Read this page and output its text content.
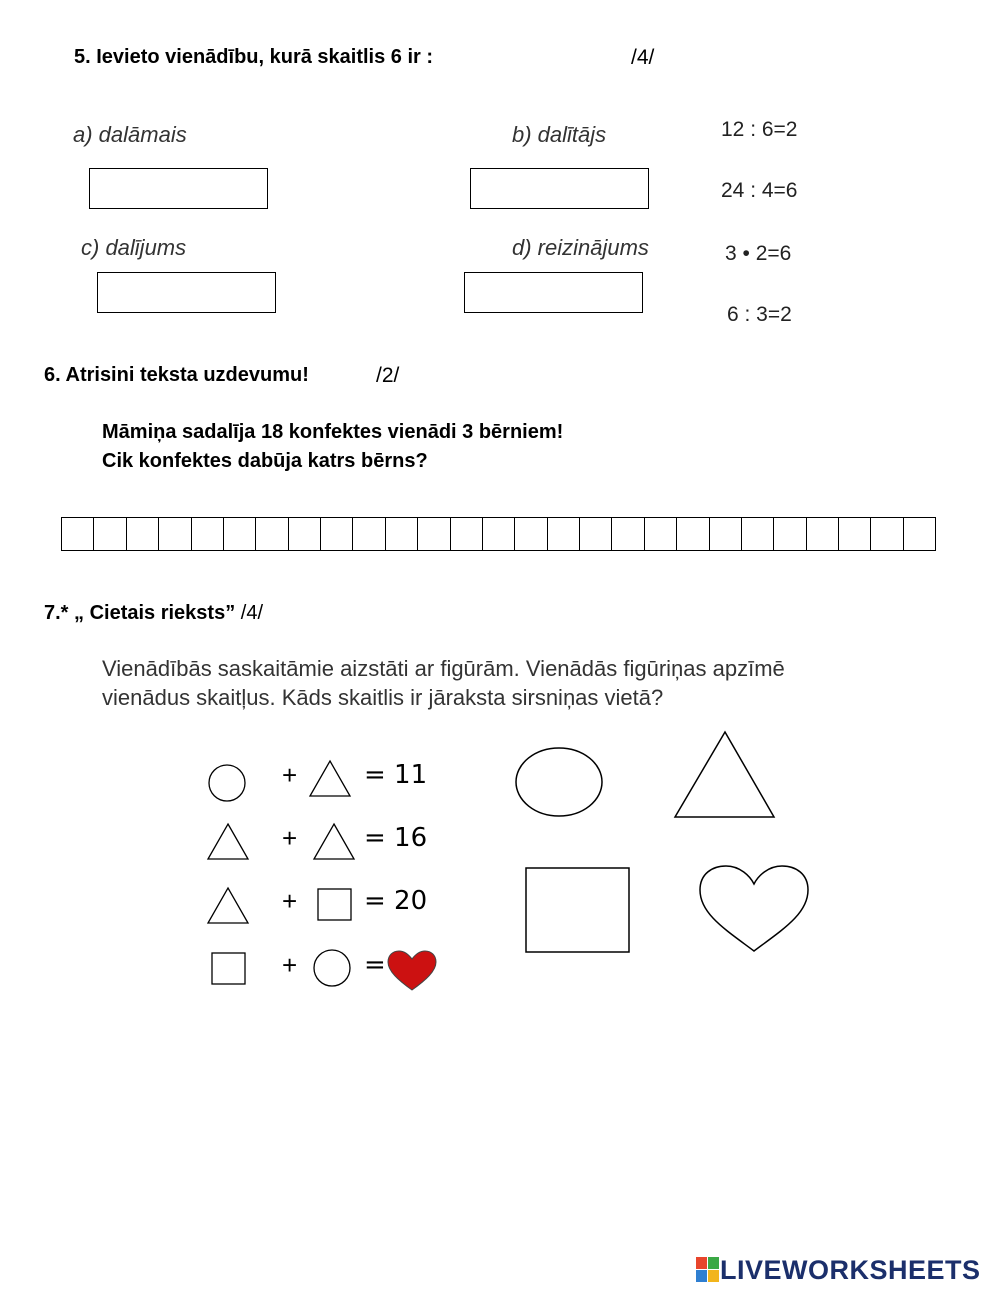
5. Ievieto vienādību, kurā skaitlis 6 ir :	/4/
a) dalāmais	b) dalītājs
c) dalījums	d) reizinājums
12 : 6=2
24 : 4=6
3 • 2=6
6 : 3=2
6. Atrisini teksta uzdevumu!	/2/
Māmiņa sadalīja 18 konfektes vienādi 3 bērniem!
Cik konfektes dabūja katrs bērns?
7.* „ Cietais rieksts” /4/
Vienādībās saskaitāmie aizstāti ar figūrām. Vienādās figūriņas apzīmē
vienādus skaitļus. Kāds skaitlis ir jāraksta sirsniņas vietā?
+	= 11
+	= 16
+	= 20
+	=
LIVEWORKSHEETS
